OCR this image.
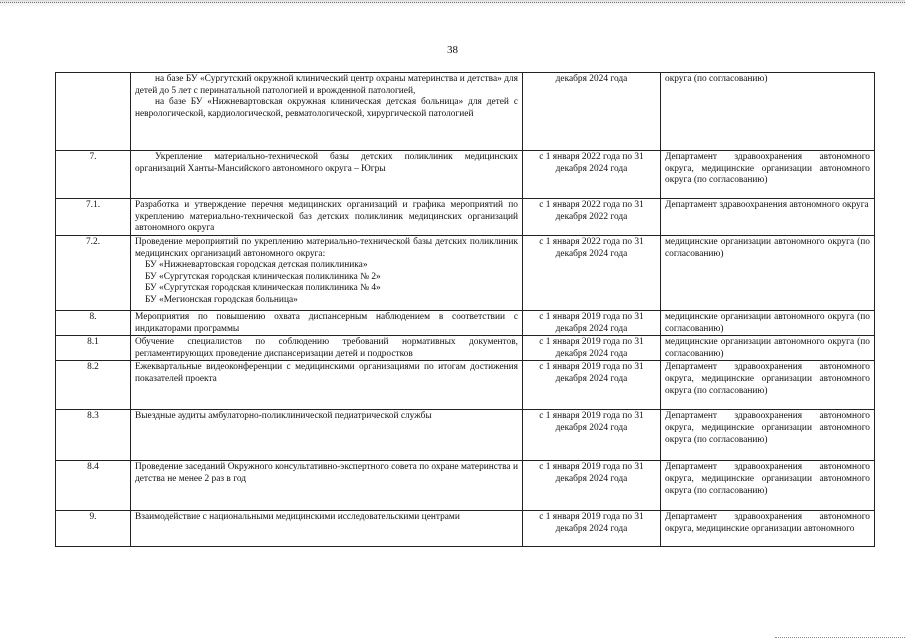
38

	на базе БУ «Сургутский окружной клинический центр охраны материнства и детства» для детей до 5 лет с перинатальной патологией и врожденной патологией,
на базе БУ «Нижневартовская окружная клиническая детская больница» для детей с неврологической, кардиологической, ревматологической, хирургической патологией	декабря 2024 года	округа (по согласованию)
7.	Укрепление материально-технической базы детских поликлиник медицинских организаций Ханты-Мансийского автономного округа – Югры	с 1 января 2022 года по 31 декабря 2024 года	Департамент здравоохранения автономного округа, медицинские организации автономного округа (по согласованию)
7.1.	Разработка и утверждение перечня медицинских организаций и графика мероприятий по укреплению материально-технической баз детских поликлиник медицинских организаций автономного округа	с 1 января 2022 года по 31 декабря 2022 года	Департамент здравоохранения автономного округа
7.2.	Проведение мероприятий по укреплению материально-технической базы детских поликлиник медицинских организаций автономного округа:
БУ «Нижневартовская городская детская поликлиника»
БУ «Сургутская городская клиническая поликлиника № 2»
БУ «Сургутская городская клиническая поликлиника № 4»
БУ «Мегионская городская больница»	с 1 января 2022 года по 31 декабря 2024 года	медицинские организации автономного округа (по согласованию)
8.	Мероприятия по повышению охвата диспансерным наблюдением в соответствии с индикаторами программы	с 1 января 2019 года по 31 декабря 2024 года	медицинские организации автономного округа (по согласованию)
8.1	Обучение специалистов по соблюдению требований нормативных документов, регламентирующих проведение диспансеризации детей и подростков	с 1 января 2019 года по 31 декабря 2024 года	медицинские организации автономного округа (по согласованию)
8.2	Ежеквартальные видеоконференции с медицинскими организациями по итогам достижения показателей проекта	с 1 января 2019 года по 31 декабря 2024 года	Департамент здравоохранения автономного округа, медицинские организации автономного округа (по согласованию)
8.3	Выездные аудиты амбулаторно-поликлинической педиатрической службы	с 1 января 2019 года по 31 декабря 2024 года	Департамент здравоохранения автономного округа, медицинские организации автономного округа (по согласованию)
8.4	Проведение заседаний Окружного консультативно-экспертного совета по охране материнства и детства не менее 2 раз в год	с 1 января 2019 года по 31 декабря 2024 года	Департамент здравоохранения автономного округа, медицинские организации автономного округа (по согласованию)
9.	Взаимодействие с национальными медицинскими исследовательскими центрами	с 1 января 2019 года по 31 декабря 2024 года	Департамент здравоохранения автономного округа, медицинские организации автономного
